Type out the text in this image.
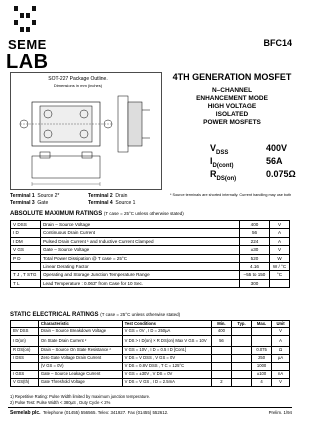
SEME
LAB
BFC14
SOT-227 Package Outline.
Dimensions in mm (inches)
4TH GENERATION MOSFET
N–CHANNEL
ENHANCEMENT MODE
HIGH VOLTAGE
ISOLATED
POWER MOSFETS
$V_{DSS}$	400V
$I_{D(cont)}$	56A
$R_{DS(on)}$	0.075Ω
Terminal 1 Source 2*	Terminal 2 Drain
Terminal 3 Gate	Terminal 4 Source 1
* Source terminals are shorted internally. Current handling may use both
ABSOLUTE MAXIMUM RATINGS (T case = 25°C unless otherwise stated)
V DSS	Drain – Source Voltage	400	V
I D	Continuous Drain Current	56	A
I DM	Pulsed Drain Current ¹ and Inductive Current Clamped	224	A
V GS	Gate – Source Voltage	±30	V
P D	Total Power Dissipation @ T case = 25°C	520	W
	Linear Derating Factor	4.16	W / °C
T J , T STG	Operating and Storage Junction Temperature Range	–55 to 150	°C
T L	Lead Temperature : 0.063" from Case for 10 Sec.	300	
STATIC ELECTRICAL RATINGS (T case = 25°C unless otherwise stated)
	Characteristic	Test Conditions	Min.	Typ.	Max.	Unit
BV DSS	Drain – Source Breakdown Voltage	V GS = 0V , I D = 250µA	400			V
I D(on)	On State Drain Current ²	V DS > I D(on) × R DS(on) Max V GS = 10V	56			A
R DS(on)	Drain – Source On State Resistance ²	V GS = 10V , I D = 0.5 I D [Cont.]			0.075	Ω
I DSS	Zero Gate Voltage Drain Current	V DS = V DSS , V GS = 0V			250	µA
	(V GS = 0V)	V DS = 0.8V DSS , T C = 125°C			1000	
I GSS	Gate – Source Leakage Current	V GS = ±30V , V DS = 0V			±100	nA
V GS(th)	Gate Threshold Voltage	V DS = V GS , I D = 2.5mA	2		4	V
1) Repetitive Rating: Pulse Width limited by maximum junction temperature.
2) Pulse Test: Pulse Width < 380µS , Duty Cycle < 2%
Semelab plc. Telephone (01455) 556565. Telex: 341927. Fax (01455) 552612.	Prelim. 1/94
